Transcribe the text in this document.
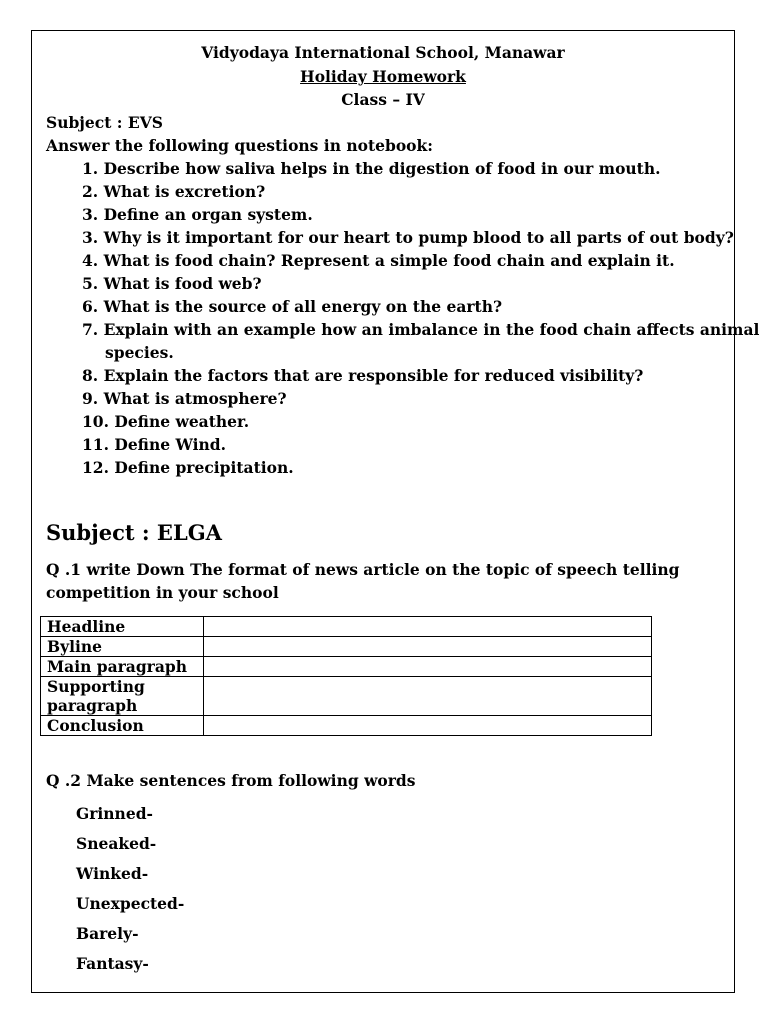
Vidyodaya International School, Manawar
Holiday Homework
Class – IV
Subject : EVS
Answer the following questions in notebook:
1. Describe how saliva helps in the digestion of food in our mouth.
2. What is excretion?
3. Define an organ system.
3. Why is it important for our heart to pump blood to all parts of out body?
4. What is food chain? Represent a simple food chain and explain it.
5. What is food web?
6. What is the source of all energy on the earth?
7. Explain with an example how an imbalance in the food chain affects animal
species.
8. Explain the factors that are responsible for reduced visibility?
9. What is atmosphere?
10. Define weather.
11. Define Wind.
12. Define precipitation.
Subject : ELGA
Q .1 write Down The format of news article on the topic of speech telling
competition in your school
Headline	
Byline	
Main paragraph	
Supporting paragraph	
Conclusion	
Q .2 Make sentences from following words
Grinned-
Sneaked-
Winked-
Unexpected-
Barely-
Fantasy-
